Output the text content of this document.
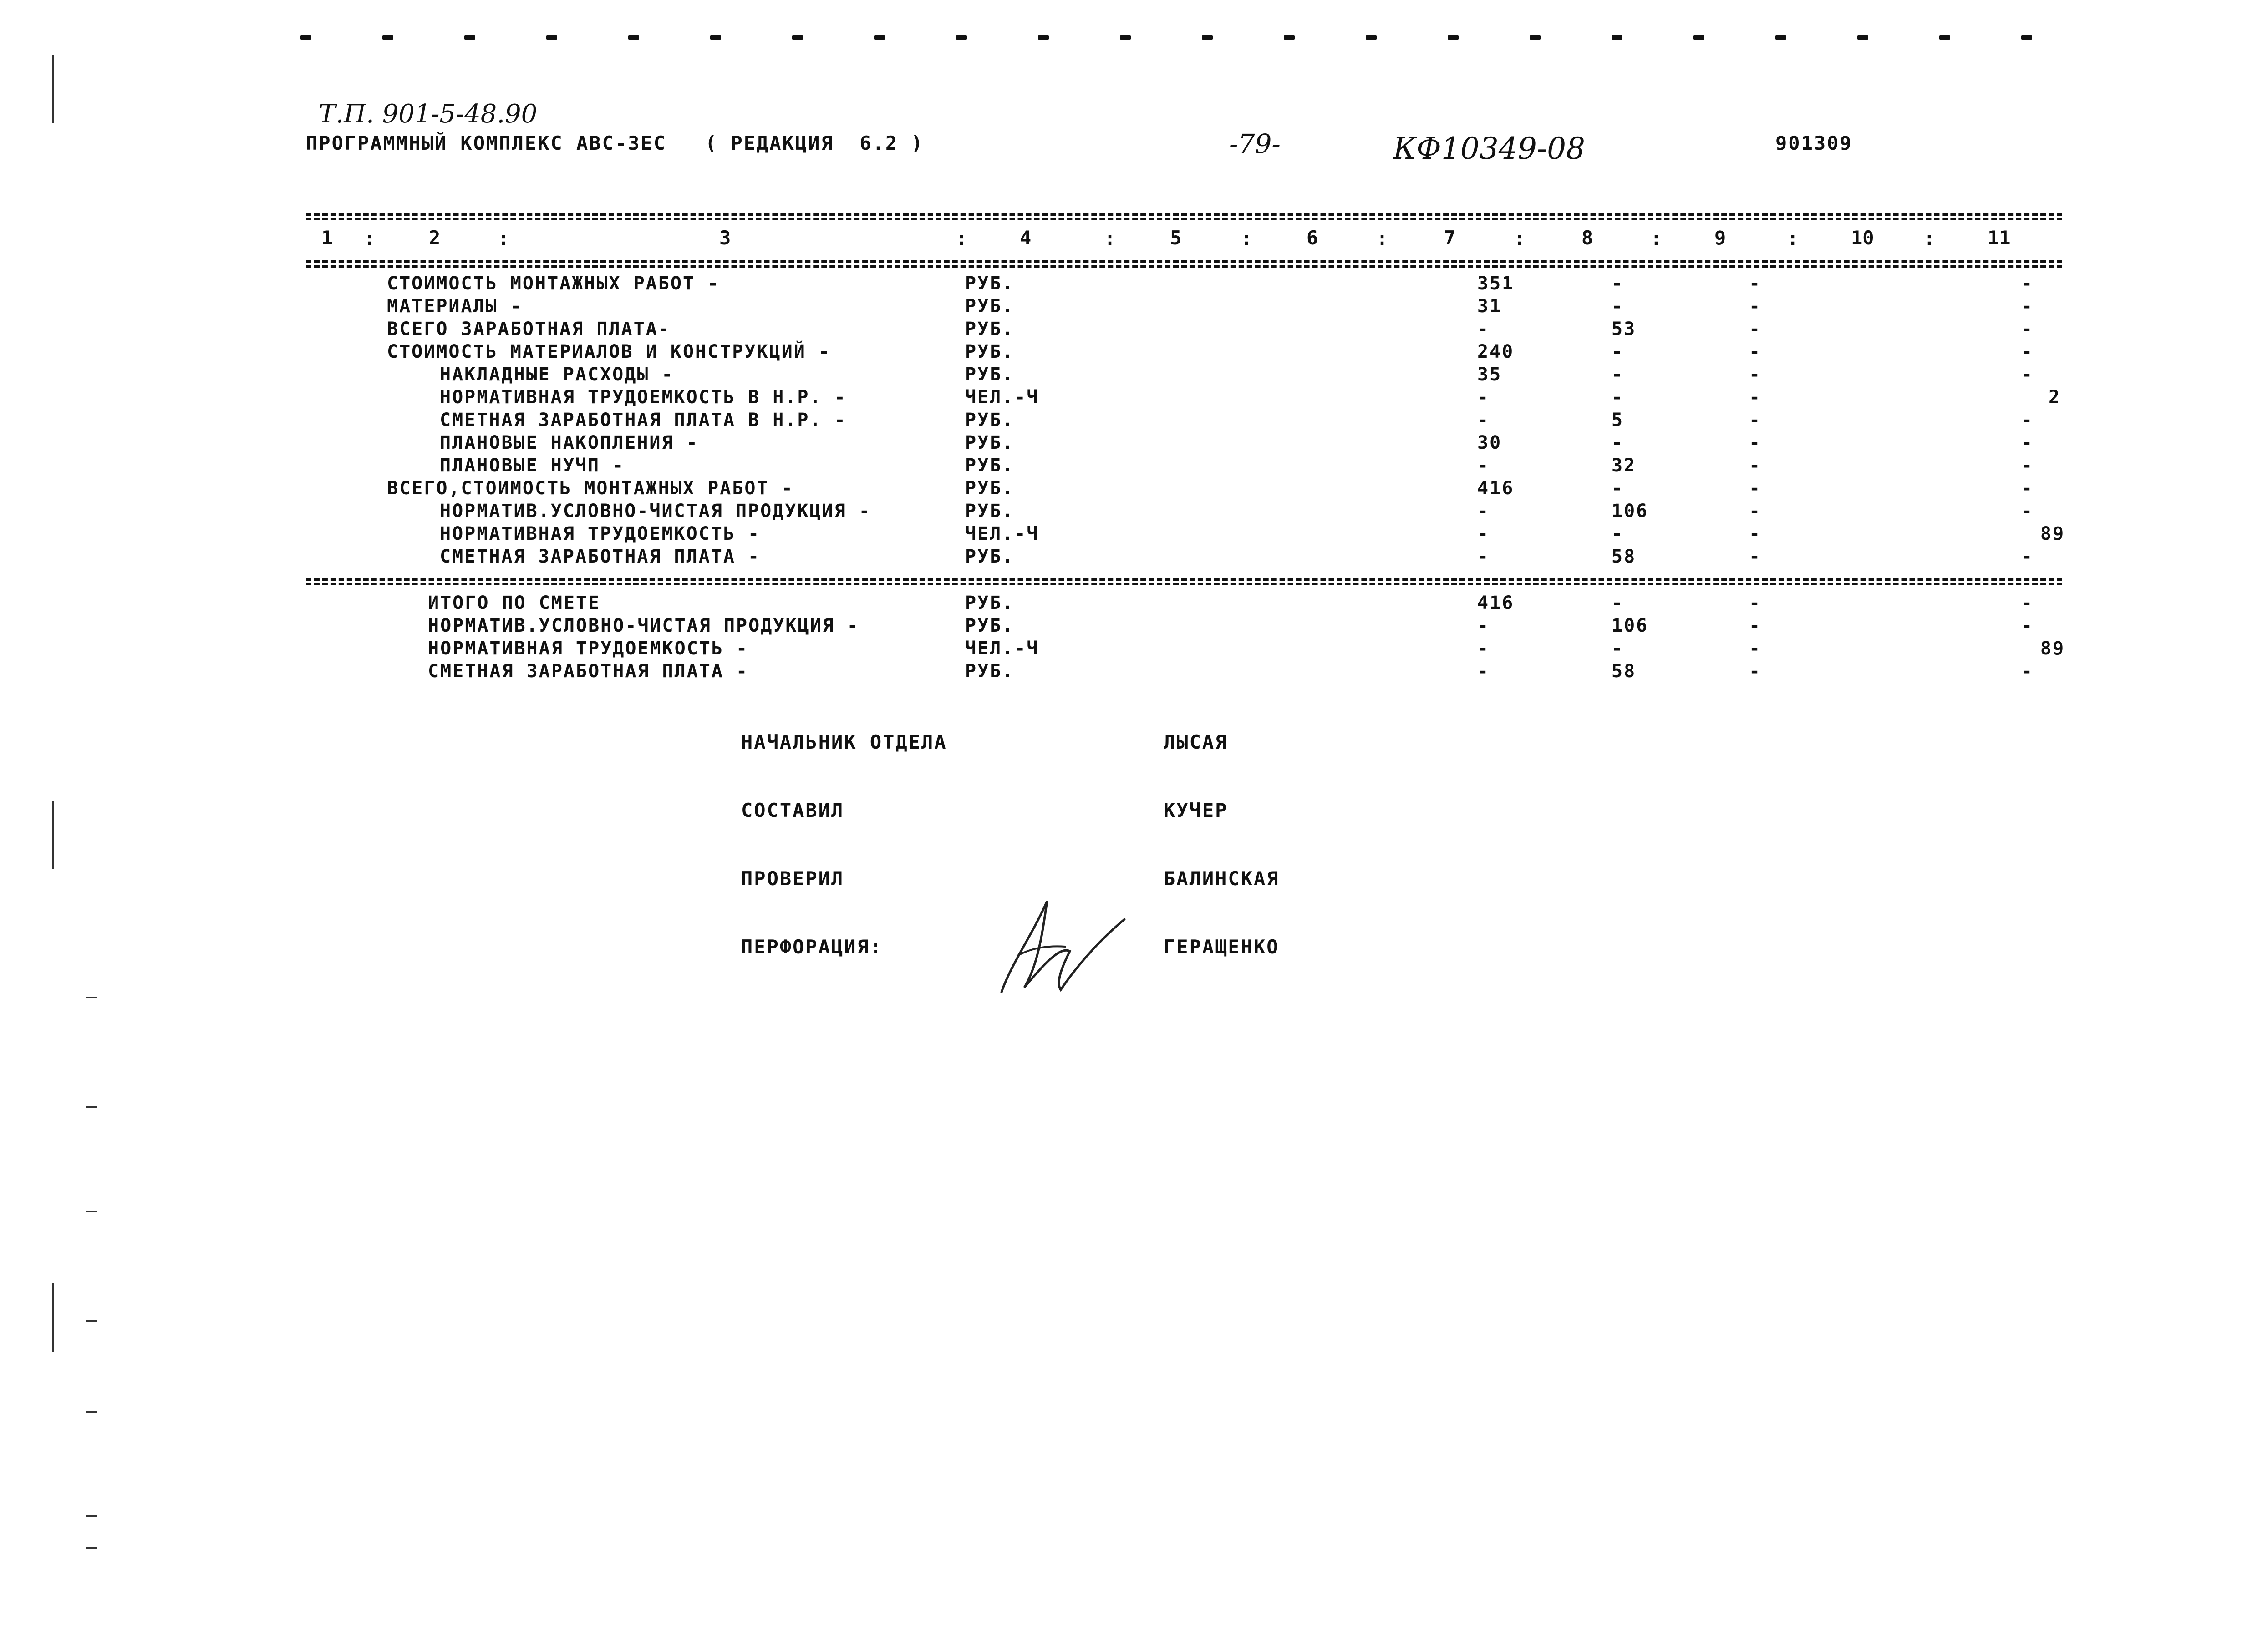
Т.П. 901-5-48.90
ПРОГРАММНЫЙ КОМПЛЕКС АВС-ЗЕС   ( РЕДАКЦИЯ  6.2 )	-79-	КФ10349-08	901309
1 :	2	:	3	:	4	:	5	:	6	:	7	:	8	:	9	:	10	:	11
СТОИМОСТЬ МОНТАЖНЫХ РАБОТ -	РУБ.	351	-	-	-
МАТЕРИАЛЫ -	РУБ.	31	-	-	-
ВСЕГО ЗАРАБОТНАЯ ПЛАТА-	РУБ.	-	53	-	-
СТОИМОСТЬ МАТЕРИАЛОВ И КОНСТРУКЦИЙ -	РУБ.	240	-	-	-
НАКЛАДНЫЕ РАСХОДЫ -	РУБ.	35	-	-	-
НОРМАТИВНАЯ ТРУДОЕМКОСТЬ В Н.Р. -	ЧЕЛ.-Ч	-	-	-	2
СМЕТНАЯ ЗАРАБОТНАЯ ПЛАТА В Н.Р. -	РУБ.	-	5	-	-
ПЛАНОВЫЕ НАКОПЛЕНИЯ -	РУБ.	30	-	-	-
ПЛАНОВЫЕ НУЧП -	РУБ.	-	32	-	-
ВСЕГО,СТОИМОСТЬ МОНТАЖНЫХ РАБОТ -	РУБ.	416	-	-	-
НОРМАТИВ.УСЛОВНО-ЧИСТАЯ ПРОДУКЦИЯ -	РУБ.	-	106	-	-
НОРМАТИВНАЯ ТРУДОЕМКОСТЬ -	ЧЕЛ.-Ч	-	-	-	89
СМЕТНАЯ ЗАРАБОТНАЯ ПЛАТА -	РУБ.	-	58	-	-
ИТОГО ПО СМЕТЕ	РУБ.	416	-	-	-
НОРМАТИВ.УСЛОВНО-ЧИСТАЯ ПРОДУКЦИЯ -	РУБ.	-	106	-	-
НОРМАТИВНАЯ ТРУДОЕМКОСТЬ -	ЧЕЛ.-Ч	-	-	-	89
СМЕТНАЯ ЗАРАБОТНАЯ ПЛАТА -	РУБ.	-	58	-	-
НАЧАЛЬНИК ОТДЕЛА	ЛЫСАЯ
СОСТАВИЛ	КУЧЕР
ПРОВЕРИЛ	БАЛИНСКАЯ
ПЕРФОРАЦИЯ:	ГЕРАЩЕНКО
